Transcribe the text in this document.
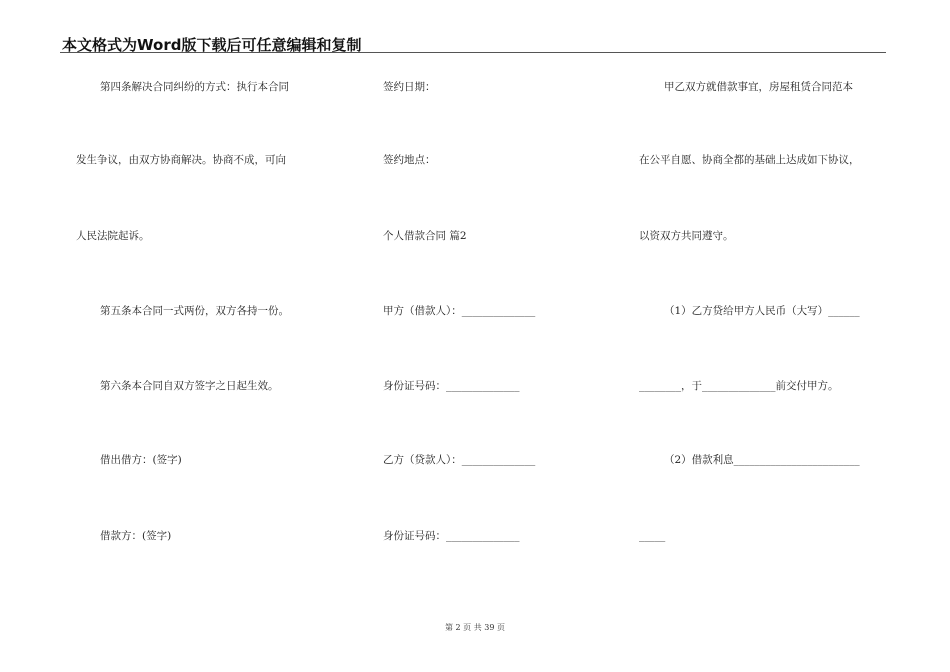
本文格式为Word版下载后可任意编辑和复制
第四条解决合同纠纷的方式：执行本合同
发生争议，由双方协商解决。协商不成，可向
人民法院起诉。
第五条本合同一式两份，双方各持一份。
第六条本合同自双方签字之日起生效。
借出借方：(签字)
借款方：(签字)
签约日期：
签约地点：
个人借款合同 篇2
甲方（借款人）：______________
身份证号码：______________
乙方（贷款人）：______________
身份证号码：______________
甲乙双方就借款事宜，房屋租赁合同范本
在公平自愿、协商全都的基础上达成如下协议，
以资双方共同遵守。
（1）乙方贷给甲方人民币（大写）______
________，于______________前交付甲方。
（2）借款利息________________________
_____
第 2 页 共 39 页
